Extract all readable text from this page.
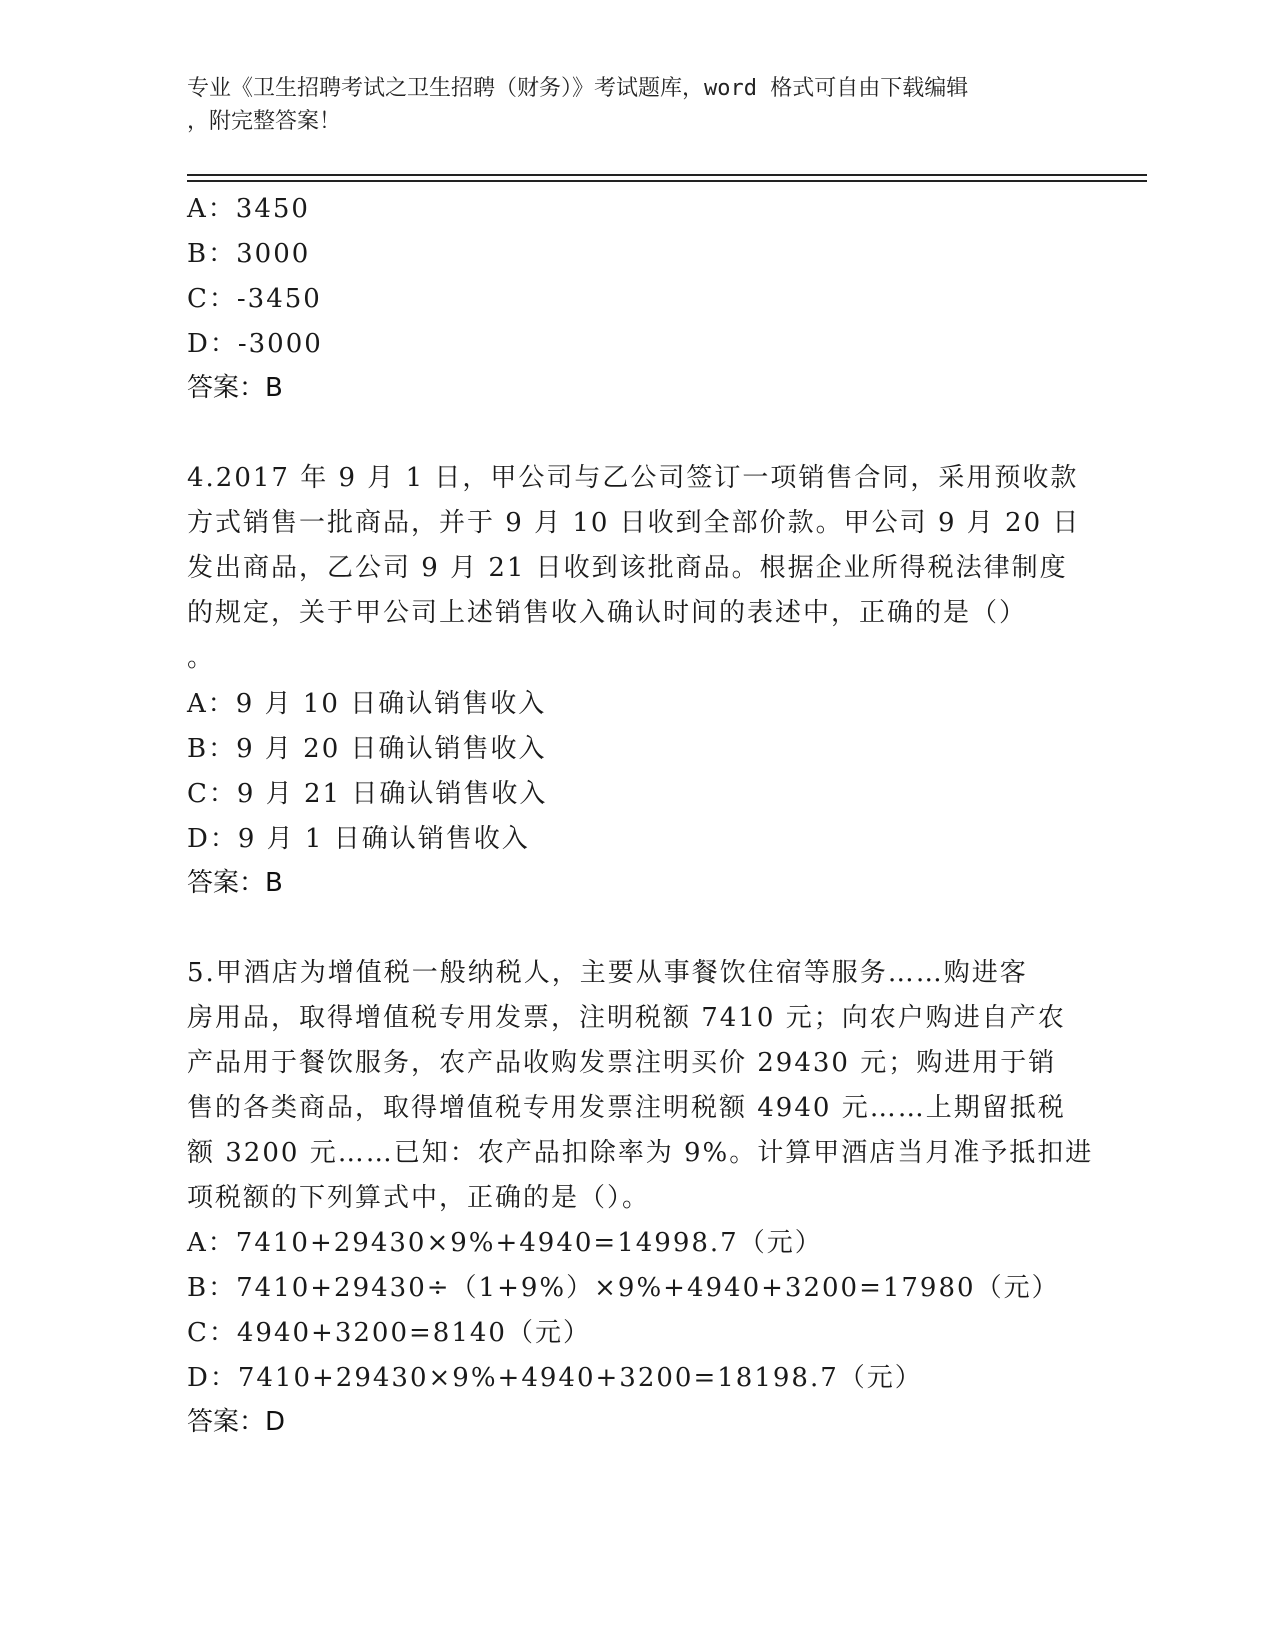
专业《卫生招聘考试之卫生招聘（财务）》考试题库，word 格式可自由下载编辑
，附完整答案！
A：3450
B：3000
C：-3450
D：-3000
答案：B
4.2017 年 9 月 1 日，甲公司与乙公司签订一项销售合同，采用预收款
方式销售一批商品，并于 9 月 10 日收到全部价款。甲公司 9 月 20 日
发出商品，乙公司 9 月 21 日收到该批商品。根据企业所得税法律制度
的规定，关于甲公司上述销售收入确认时间的表述中，正确的是（）
。
A：9 月 10 日确认销售收入
B：9 月 20 日确认销售收入
C：9 月 21 日确认销售收入
D：9 月 1 日确认销售收入
答案：B
5.甲酒店为增值税一般纳税人，主要从事餐饮住宿等服务……购进客
房用品，取得增值税专用发票，注明税额 7410 元；向农户购进自产农
产品用于餐饮服务，农产品收购发票注明买价 29430 元；购进用于销
售的各类商品，取得增值税专用发票注明税额 4940 元……上期留抵税
额 3200 元……已知：农产品扣除率为 9%。计算甲酒店当月准予抵扣进
项税额的下列算式中，正确的是（）。
A：7410+29430×9%+4940=14998.7（元）
B：7410+29430÷（1+9%）×9%+4940+3200=17980（元）
C：4940+3200=8140（元）
D：7410+29430×9%+4940+3200=18198.7（元）
答案：D
